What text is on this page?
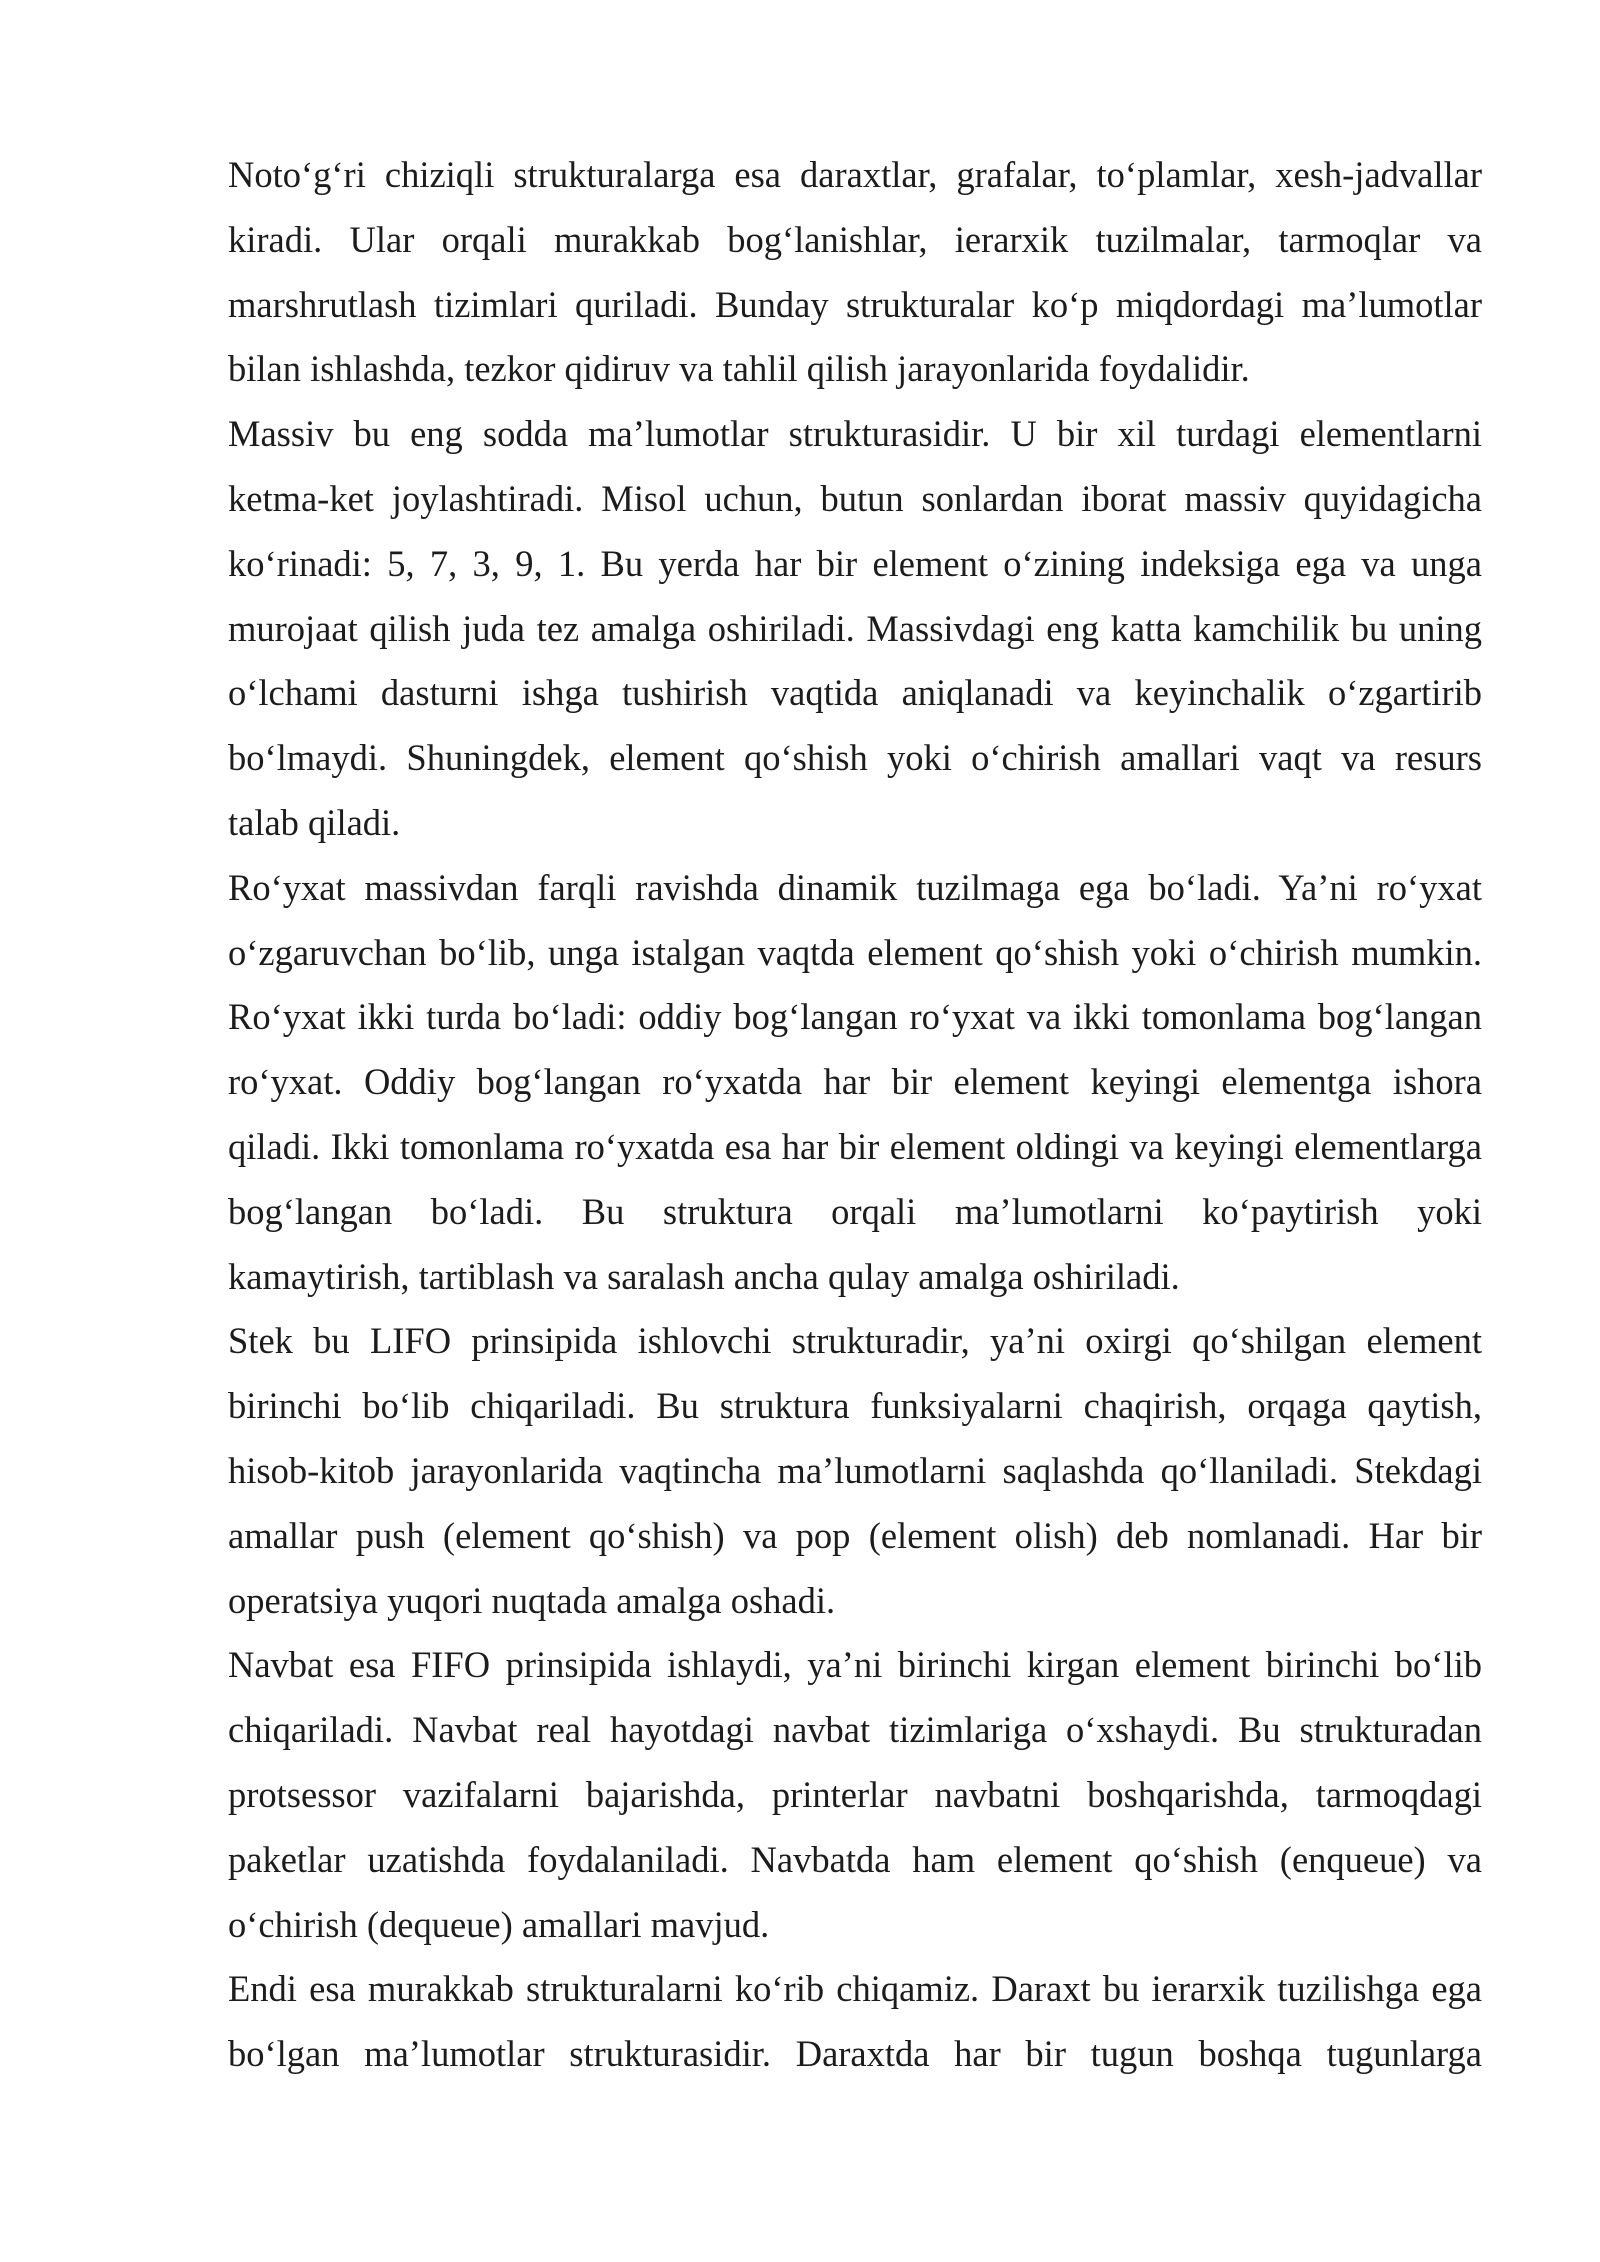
Noto‘g‘ri chiziqli strukturalarga esa daraxtlar, grafalar, to‘plamlar, xesh-jadvallar
kiradi. Ular orqali murakkab bog‘lanishlar, ierarxik tuzilmalar, tarmoqlar va
marshrutlash tizimlari quriladi. Bunday strukturalar ko‘p miqdordagi ma’lumotlar
bilan ishlashda, tezkor qidiruv va tahlil qilish jarayonlarida foydalidir.
Massiv bu eng sodda ma’lumotlar strukturasidir. U bir xil turdagi elementlarni
ketma-ket joylashtiradi. Misol uchun, butun sonlardan iborat massiv quyidagicha
ko‘rinadi: 5, 7, 3, 9, 1. Bu yerda har bir element o‘zining indeksiga ega va unga
murojaat qilish juda tez amalga oshiriladi. Massivdagi eng katta kamchilik bu uning
o‘lchami dasturni ishga tushirish vaqtida aniqlanadi va keyinchalik o‘zgartirib
bo‘lmaydi. Shuningdek, element qo‘shish yoki o‘chirish amallari vaqt va resurs
talab qiladi.
Ro‘yxat massivdan farqli ravishda dinamik tuzilmaga ega bo‘ladi. Ya’ni ro‘yxat
o‘zgaruvchan bo‘lib, unga istalgan vaqtda element qo‘shish yoki o‘chirish mumkin.
Ro‘yxat ikki turda bo‘ladi: oddiy bog‘langan ro‘yxat va ikki tomonlama bog‘langan
ro‘yxat. Oddiy bog‘langan ro‘yxatda har bir element keyingi elementga ishora
qiladi. Ikki tomonlama ro‘yxatda esa har bir element oldingi va keyingi elementlarga
bog‘langan bo‘ladi. Bu struktura orqali ma’lumotlarni ko‘paytirish yoki
kamaytirish, tartiblash va saralash ancha qulay amalga oshiriladi.
Stek bu LIFO prinsipida ishlovchi strukturadir, ya’ni oxirgi qo‘shilgan element
birinchi bo‘lib chiqariladi. Bu struktura funksiyalarni chaqirish, orqaga qaytish,
hisob-kitob jarayonlarida vaqtincha ma’lumotlarni saqlashda qo‘llaniladi. Stekdagi
amallar push (element qo‘shish) va pop (element olish) deb nomlanadi. Har bir
operatsiya yuqori nuqtada amalga oshadi.
Navbat esa FIFO prinsipida ishlaydi, ya’ni birinchi kirgan element birinchi bo‘lib
chiqariladi. Navbat real hayotdagi navbat tizimlariga o‘xshaydi. Bu strukturadan
protsessor vazifalarni bajarishda, printerlar navbatni boshqarishda, tarmoqdagi
paketlar uzatishda foydalaniladi. Navbatda ham element qo‘shish (enqueue) va
o‘chirish (dequeue) amallari mavjud.
Endi esa murakkab strukturalarni ko‘rib chiqamiz. Daraxt bu ierarxik tuzilishga ega
bo‘lgan ma’lumotlar strukturasidir. Daraxtda har bir tugun boshqa tugunlarga
